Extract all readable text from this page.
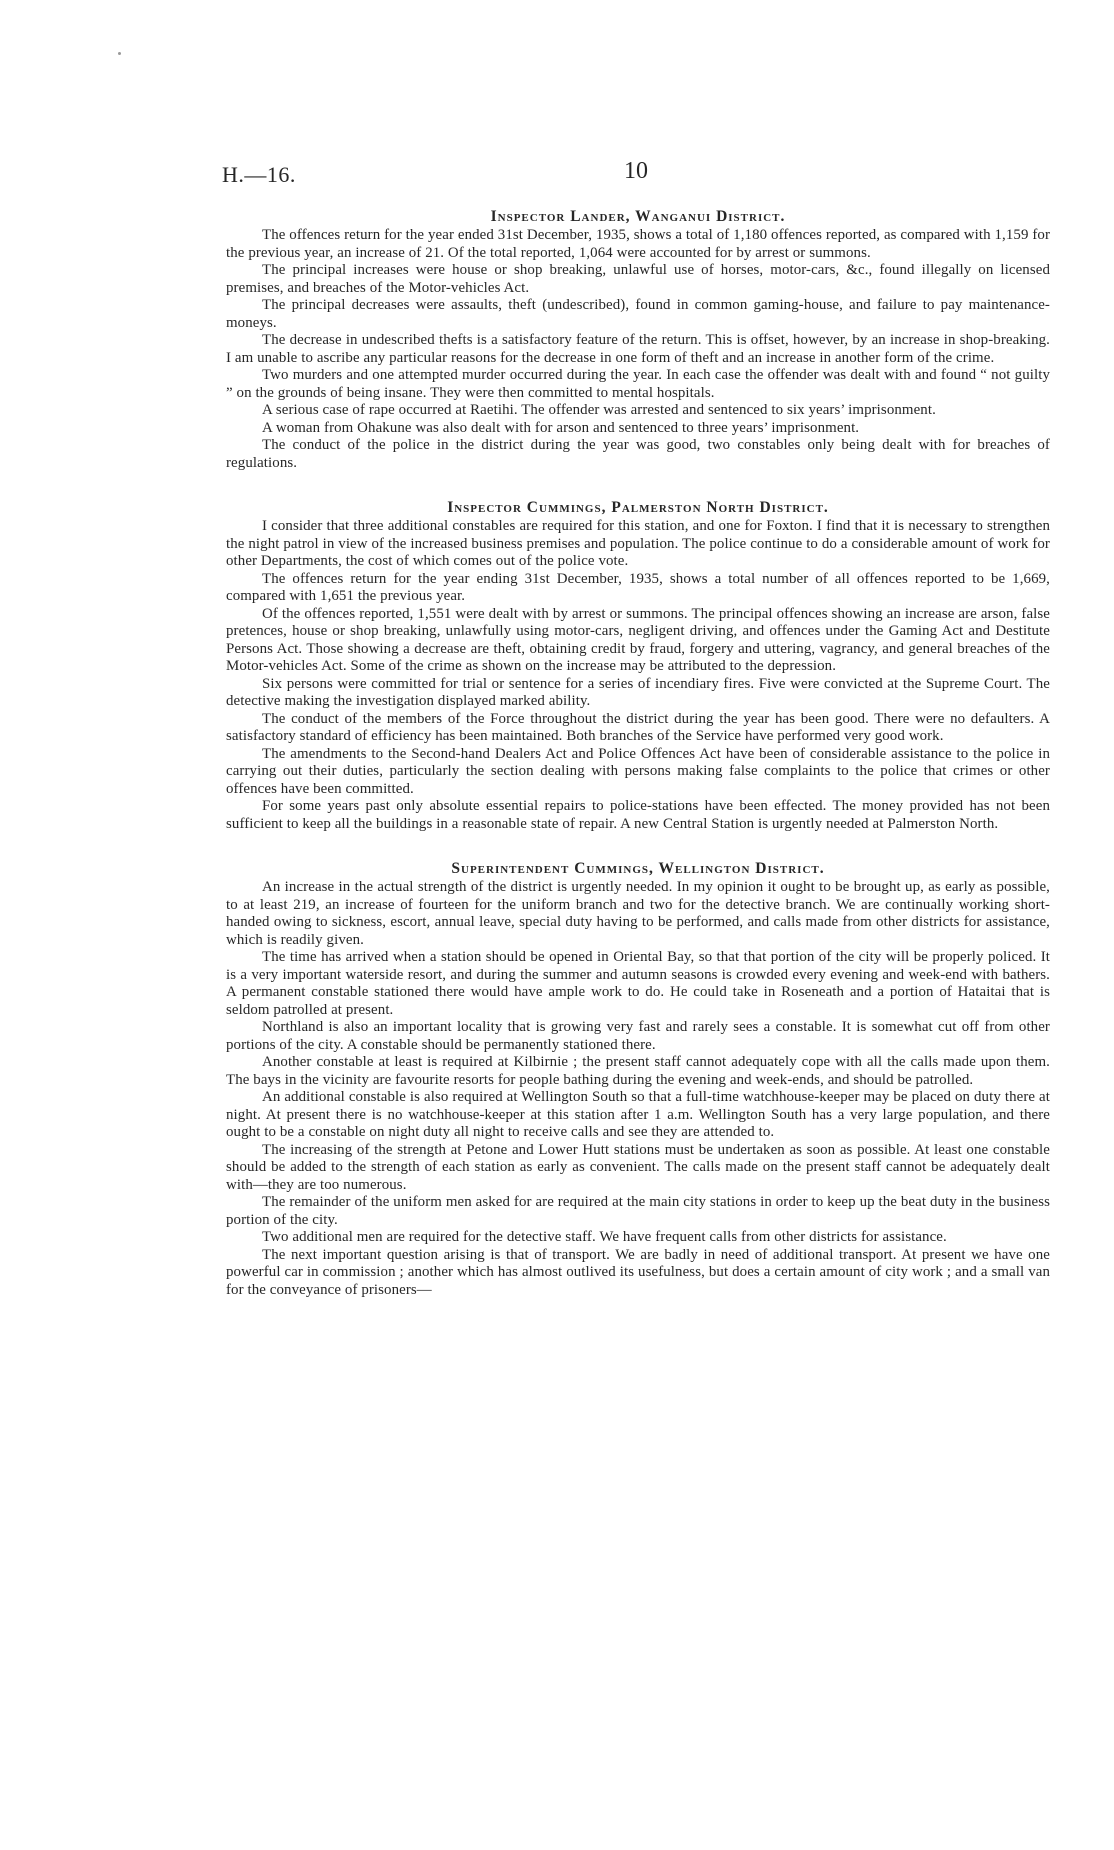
H.—16.	10
Inspector Lander, Wanganui District.

The offences return for the year ended 31st December, 1935, shows a total of 1,180 offences reported, as compared with 1,159 for the previous year, an increase of 21. Of the total reported, 1,064 were accounted for by arrest or summons.

The principal increases were house or shop breaking, unlawful use of horses, motor-cars, &c., found illegally on licensed premises, and breaches of the Motor-vehicles Act.

The principal decreases were assaults, theft (undescribed), found in common gaming-house, and failure to pay maintenance-moneys.

The decrease in undescribed thefts is a satisfactory feature of the return. This is offset, however, by an increase in shop-breaking. I am unable to ascribe any particular reasons for the decrease in one form of theft and an increase in another form of the crime.

Two murders and one attempted murder occurred during the year. In each case the offender was dealt with and found “ not guilty ” on the grounds of being insane. They were then committed to mental hospitals.

A serious case of rape occurred at Raetihi. The offender was arrested and sentenced to six years’ imprisonment.

A woman from Ohakune was also dealt with for arson and sentenced to three years’ imprisonment.

The conduct of the police in the district during the year was good, two constables only being dealt with for breaches of regulations.

Inspector Cummings, Palmerston North District.

I consider that three additional constables are required for this station, and one for Foxton. I find that it is necessary to strengthen the night patrol in view of the increased business premises and population. The police continue to do a considerable amount of work for other Departments, the cost of which comes out of the police vote.

The offences return for the year ending 31st December, 1935, shows a total number of all offences reported to be 1,669, compared with 1,651 the previous year.

Of the offences reported, 1,551 were dealt with by arrest or summons. The principal offences showing an increase are arson, false pretences, house or shop breaking, unlawfully using motor-cars, negligent driving, and offences under the Gaming Act and Destitute Persons Act. Those showing a decrease are theft, obtaining credit by fraud, forgery and uttering, vagrancy, and general breaches of the Motor-vehicles Act. Some of the crime as shown on the increase may be attributed to the depression.

Six persons were committed for trial or sentence for a series of incendiary fires. Five were convicted at the Supreme Court. The detective making the investigation displayed marked ability.

The conduct of the members of the Force throughout the district during the year has been good. There were no defaulters. A satisfactory standard of efficiency has been maintained. Both branches of the Service have performed very good work.

The amendments to the Second-hand Dealers Act and Police Offences Act have been of considerable assistance to the police in carrying out their duties, particularly the section dealing with persons making false complaints to the police that crimes or other offences have been committed.

For some years past only absolute essential repairs to police-stations have been effected. The money provided has not been sufficient to keep all the buildings in a reasonable state of repair. A new Central Station is urgently needed at Palmerston North.

Superintendent Cummings, Wellington District.

An increase in the actual strength of the district is urgently needed. In my opinion it ought to be brought up, as early as possible, to at least 219, an increase of fourteen for the uniform branch and two for the detective branch. We are continually working short-handed owing to sickness, escort, annual leave, special duty having to be performed, and calls made from other districts for assistance, which is readily given.

The time has arrived when a station should be opened in Oriental Bay, so that that portion of the city will be properly policed. It is a very important waterside resort, and during the summer and autumn seasons is crowded every evening and week-end with bathers. A permanent constable stationed there would have ample work to do. He could take in Roseneath and a portion of Hataitai that is seldom patrolled at present.

Northland is also an important locality that is growing very fast and rarely sees a constable. It is somewhat cut off from other portions of the city. A constable should be permanently stationed there.

Another constable at least is required at Kilbirnie ; the present staff cannot adequately cope with all the calls made upon them. The bays in the vicinity are favourite resorts for people bathing during the evening and week-ends, and should be patrolled.

An additional constable is also required at Wellington South so that a full-time watchhouse-keeper may be placed on duty there at night. At present there is no watchhouse-keeper at this station after 1 a.m. Wellington South has a very large population, and there ought to be a constable on night duty all night to receive calls and see they are attended to.

The increasing of the strength at Petone and Lower Hutt stations must be undertaken as soon as possible. At least one constable should be added to the strength of each station as early as convenient. The calls made on the present staff cannot be adequately dealt with—they are too numerous.

The remainder of the uniform men asked for are required at the main city stations in order to keep up the beat duty in the business portion of the city.

Two additional men are required for the detective staff. We have frequent calls from other districts for assistance.

The next important question arising is that of transport. We are badly in need of additional transport. At present we have one powerful car in commission ; another which has almost outlived its usefulness, but does a certain amount of city work ; and a small van for the conveyance of prisoners—
